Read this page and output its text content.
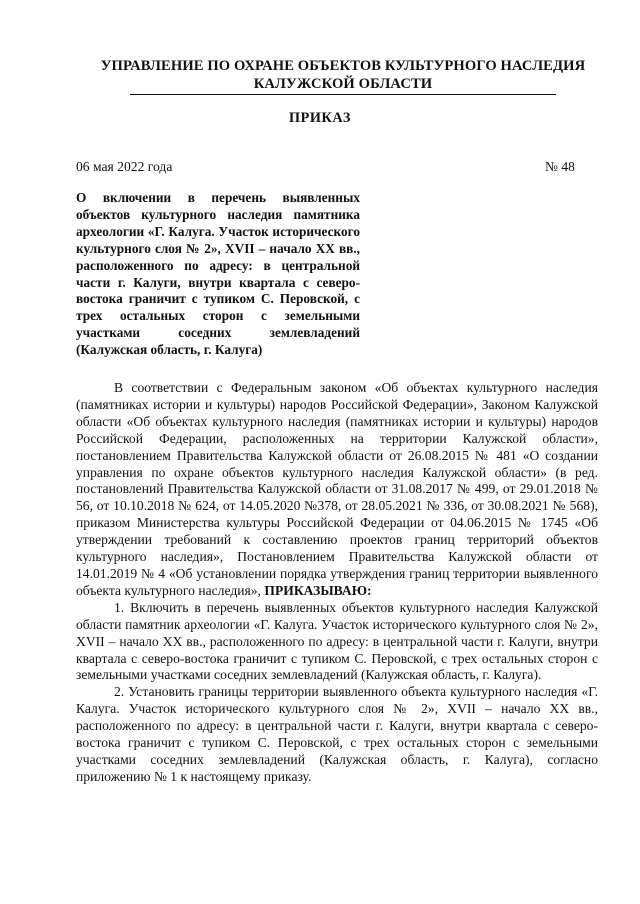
УПРАВЛЕНИЕ ПО ОХРАНЕ ОБЪЕКТОВ КУЛЬТУРНОГО НАСЛЕДИЯ
КАЛУЖСКОЙ ОБЛАСТИ
ПРИКАЗ
06 мая 2022 года	№ 48
О включении в перечень выявленных объектов культурного наследия памятника археологии «Г. Калуга. Участок исторического культурного слоя № 2», XVII – начало XX вв., расположенного по адресу: в центральной части г. Калуги, внутри квартала с северо-востока граничит с тупиком С. Перовской, с трех остальных сторон с земельными участками соседних землевладений (Калужская область, г. Калуга)

В соответствии с Федеральным законом «Об объектах культурного наследия (памятниках истории и культуры) народов Российской Федерации», Законом Калужской области «Об объектах культурного наследия (памятниках истории и культуры) народов Российской Федерации, расположенных на территории Калужской области», постановлением Правительства Калужской области от 26.08.2015 № 481 «О создании управления по охране объектов культурного наследия Калужской области» (в ред. постановлений Правительства Калужской области от 31.08.2017 № 499, от 29.01.2018 № 56, от 10.10.2018 № 624, от 14.05.2020 №378, от 28.05.2021 № 336, от 30.08.2021 № 568), приказом Министерства культуры Российской Федерации от 04.06.2015 № 1745 «Об утверждении требований к составлению проектов границ территорий объектов культурного наследия», Постановлением Правительства Калужской области от 14.01.2019 № 4 «Об установлении порядка утверждения границ территории выявленного объекта культурного наследия», ПРИКАЗЫВАЮ:

1. Включить в перечень выявленных объектов культурного наследия Калужской области памятник археологии «Г. Калуга. Участок исторического культурного слоя № 2», XVII – начало XX вв., расположенного по адресу: в центральной части г. Калуги, внутри квартала с северо-востока граничит с тупиком С. Перовской, с трех остальных сторон с земельными участками соседних землевладений (Калужская область, г. Калуга).

2. Установить границы территории выявленного объекта культурного наследия «Г. Калуга. Участок исторического культурного слоя № 2», XVII – начало XX вв., расположенного по адресу: в центральной части г. Калуги, внутри квартала с северо-востока граничит с тупиком С. Перовской, с трех остальных сторон с земельными участками соседних землевладений (Калужская область, г. Калуга), согласно приложению № 1 к настоящему приказу.
